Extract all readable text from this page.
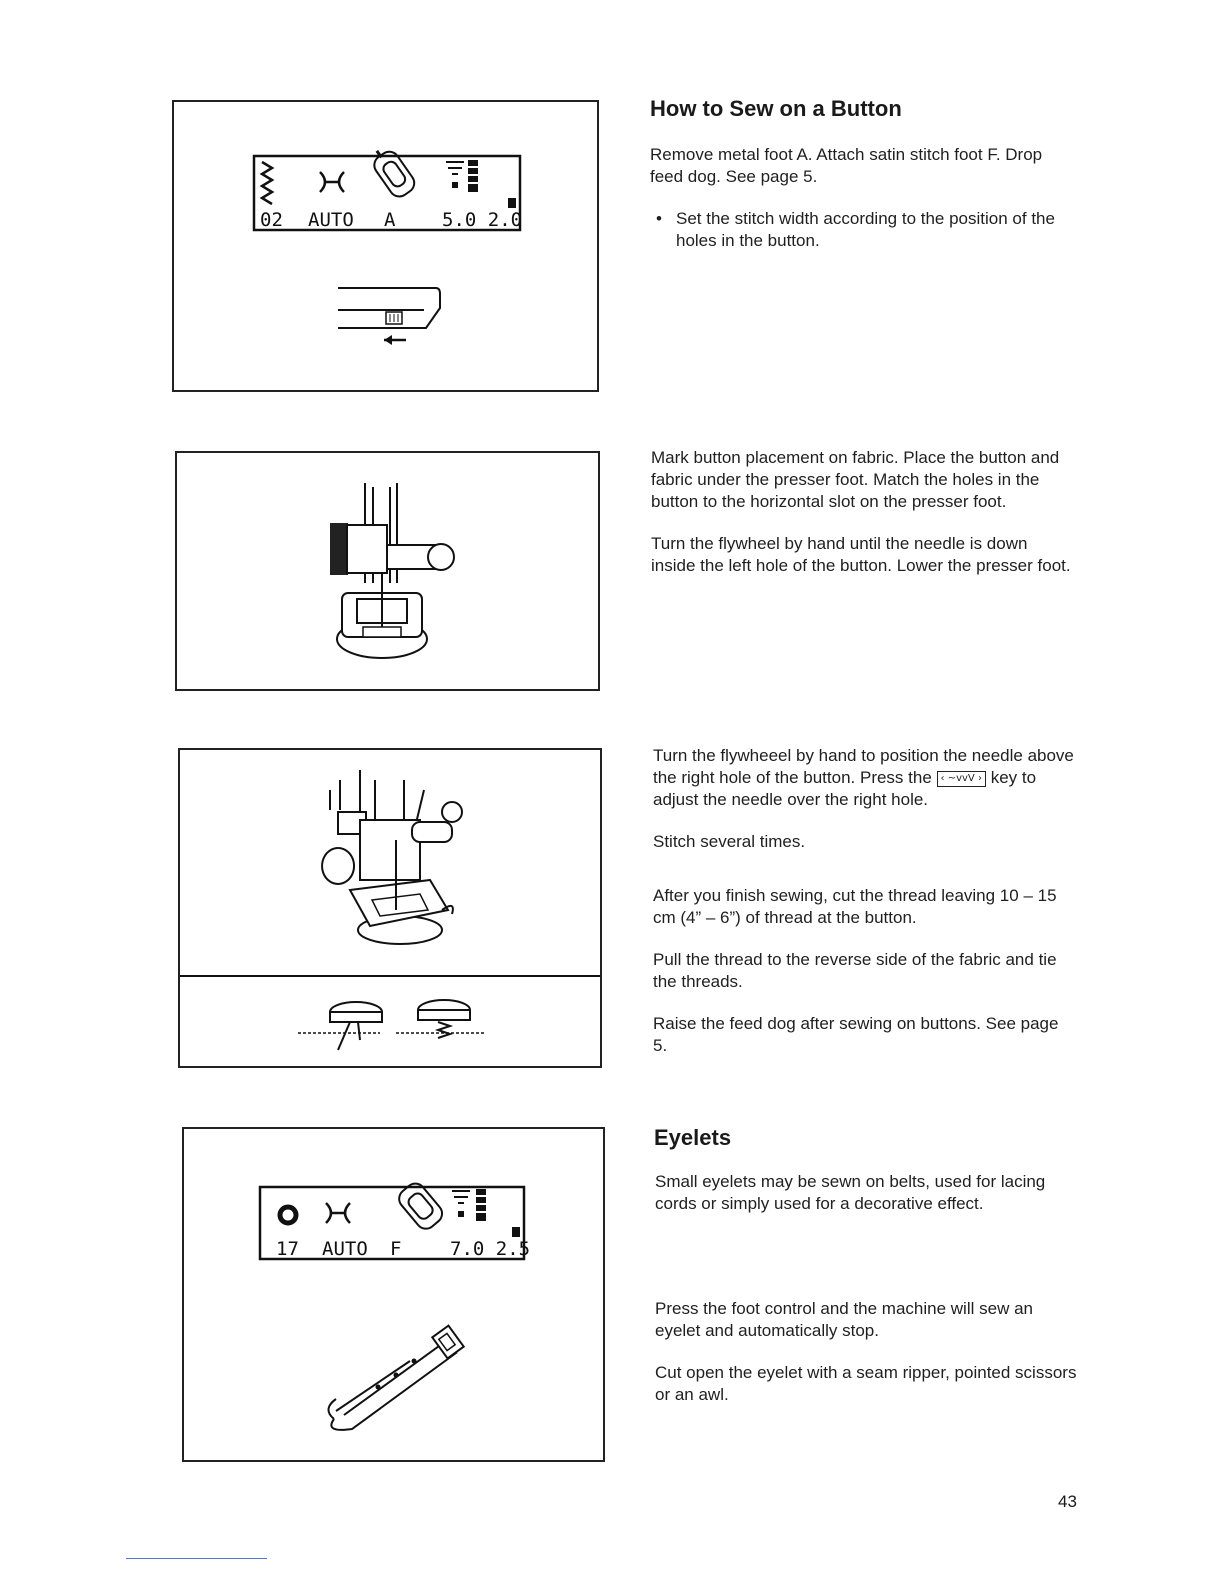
02 AUTO A 5.0 2.0
17 AUTO F	7.0 2.5
How to Sew on a Button

Remove metal foot A. Attach satin stitch foot F. Drop feed dog. See page 5.

• Set the stitch width according to the position of the holes in the button.

Mark button placement on fabric. Place the button and fabric under the presser foot. Match the holes in the button to the horizontal slot on the presser foot.

Turn the flywheel by hand until the needle is down inside the left hole of the button. Lower the presser foot.

Turn the flywheeel by hand to position the needle above the right hole of the button. Press the ‹ ~vvV › key to adjust the needle over the right hole.

Stitch several times.

After you finish sewing, cut the thread leaving 10 – 15 cm (4” – 6”) of thread at the button.

Pull the thread to the reverse side of the fabric and tie the threads.

Raise the feed dog after sewing on buttons. See page 5.

Eyelets

Small eyelets may be sewn on belts, used for lacing cords or simply used for a decorative effect.

Press the foot control and the machine will sew an eyelet and automatically stop.

Cut open the eyelet with a seam ripper, pointed scissors or an awl.

43
